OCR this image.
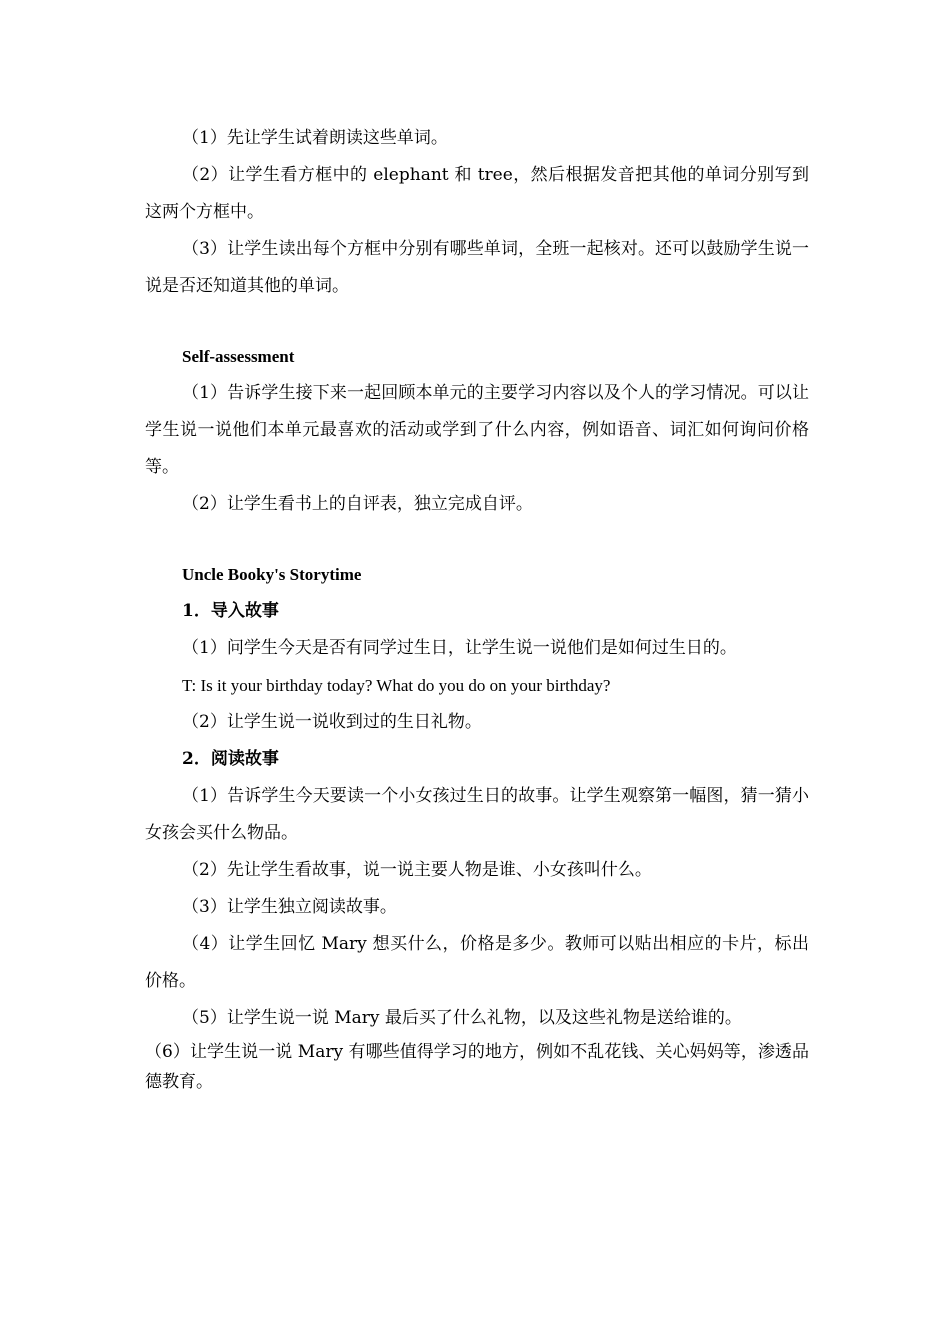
（1）先让学生试着朗读这些单词。

（2）让学生看方框中的 elephant 和 tree，然后根据发音把其他的单词分别写到这两个方框中。

（3）让学生读出每个方框中分别有哪些单词，全班一起核对。还可以鼓励学生说一说是否还知道其他的单词。

Self-assessment

（1）告诉学生接下来一起回顾本单元的主要学习内容以及个人的学习情况。可以让学生说一说他们本单元最喜欢的活动或学到了什么内容，例如语音、词汇如何询问价格等。

（2）让学生看书上的自评表，独立完成自评。

Uncle Booky's Storytime

1．导入故事

（1）问学生今天是否有同学过生日，让学生说一说他们是如何过生日的。

T: Is it your birthday today? What do you do on your birthday?

（2）让学生说一说收到过的生日礼物。

2．阅读故事

（1）告诉学生今天要读一个小女孩过生日的故事。让学生观察第一幅图，猜一猜小女孩会买什么物品。

（2）先让学生看故事，说一说主要人物是谁、小女孩叫什么。

（3）让学生独立阅读故事。

（4）让学生回忆 Mary 想买什么，价格是多少。教师可以贴出相应的卡片，标出价格。

（5）让学生说一说 Mary 最后买了什么礼物，以及这些礼物是送给谁的。

（6）让学生说一说 Mary 有哪些值得学习的地方，例如不乱花钱、关心妈妈等，渗透品德教育。
